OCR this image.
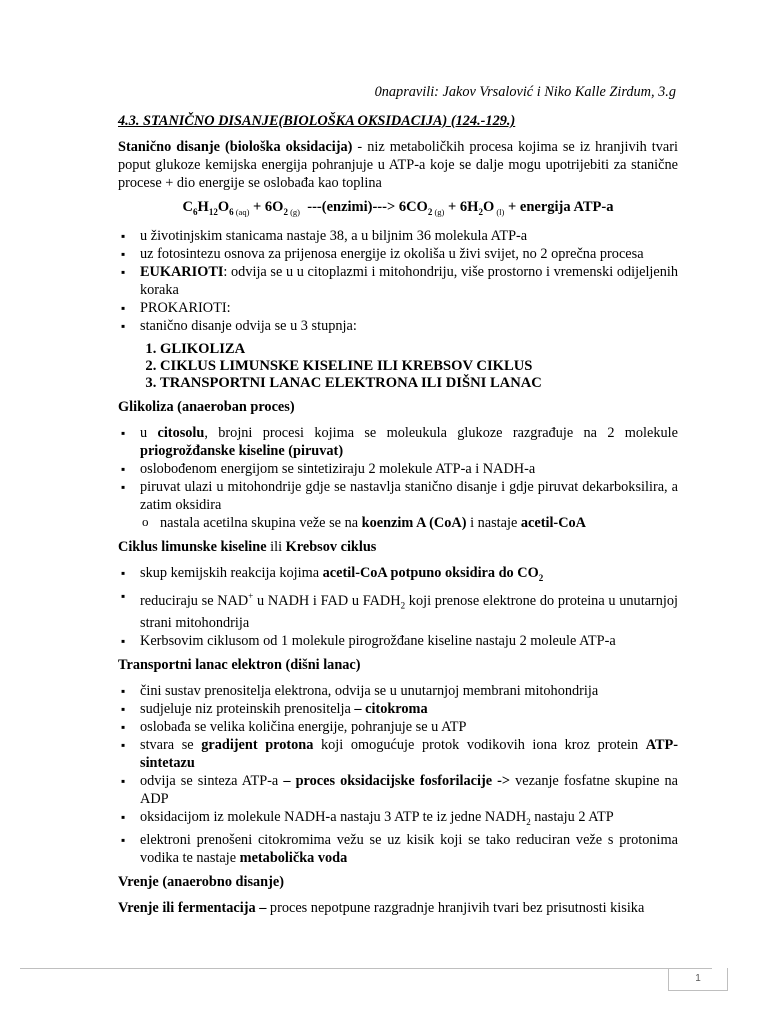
0napravili: Jakov Vrsalović i Niko Kalle Zirdum, 3.g
4.3. STANIČNO DISANJE(BIOLOŠKA OKSIDACIJA) (124.-129.)

Stanično disanje (biološka oksidacija) - niz metaboličkih procesa kojima se iz hranjivih tvari poput glukoze kemijska energija pohranjuje u ATP-a koje se dalje mogu upotrijebiti za stanične procese + dio energije se oslobađa kao toplina

$C_6H_{12}O_6$ $_{(aq)} + 6O_2$ $_{(g)}$  ---(enzimi)---> $6CO_2$ $_{(g)} + 6H_2O$ $_{(l)}$ + energija ATP-a
▪ u životinjskim stanicama nastaje 38, a u biljnim 36 molekula ATP-a
▪ uz fotosintezu osnova za prijenosa energije iz okoliša u živi svijet, no 2 oprečna procesa
▪ EUKARIOTI: odvija se u u citoplazmi i mitohondriju, više prostorno i vremenski odijeljenih koraka
▪ PROKARIOTI:
▪ stanično disanje odvija se u 3 stupnja:
1. GLIKOLIZA
2. CIKLUS LIMUNSKE KISELINE ILI KREBSOV CIKLUS
3. TRANSPORTNI LANAC ELEKTRONA ILI DIŠNI LANAC

Glikoliza (anaeroban proces)

▪ u citosolu, brojni procesi kojima se moleukula glukoze razgrađuje na 2 molekule priogrožđanske kiseline (piruvat)
▪ oslobođenom energijom se sintetiziraju 2 molekule ATP-a i NADH-a
▪ piruvat ulazi u mitohondrije gdje se nastavlja stanično disanje i gdje piruvat dekarboksilira, a zatim oksidira
o nastala acetilna skupina veže se na koenzim A (CoA) i nastaje acetil-CoA

Ciklus limunske kiseline ili Krebsov ciklus

▪ skup kemijskih reakcija kojima acetil-CoA potpuno oksidira do $CO_2$
▪ reduciraju se NAD+ u NADH i FAD u $FADH_2$ koji prenose elektrone do proteina u unutarnjoj strani mitohondrija
▪ Kerbsovim ciklusom od 1 molekule pirogrožđane kiseline nastaju 2 moleule ATP-a

Transportni lanac elektron (dišni lanac)

▪ čini sustav prenositelja elektrona, odvija se u unutarnjoj membrani mitohondrija
▪ sudjeluje niz proteinskih prenositelja – citokroma
▪ oslobađa se velika količina energije, pohranjuje se u ATP
▪ stvara se gradijent protona koji omogućuje protok vodikovih iona kroz protein ATP-sintetazu
▪ odvija se sinteza ATP-a – proces oksidacijske fosforilacije -> vezanje fosfatne skupine na ADP
▪ oksidacijom iz molekule NADH-a nastaju 3 ATP te iz jedne $NADH_2$ nastaju 2 ATP
▪ elektroni prenošeni citokromima vežu se uz kisik koji se tako reduciran veže s protonima vodika te nastaje metabolička voda

Vrenje (anaerobno disanje)

Vrenje ili fermentacija – proces nepotpune razgradnje hranjivih tvari bez prisutnosti kisika

1
